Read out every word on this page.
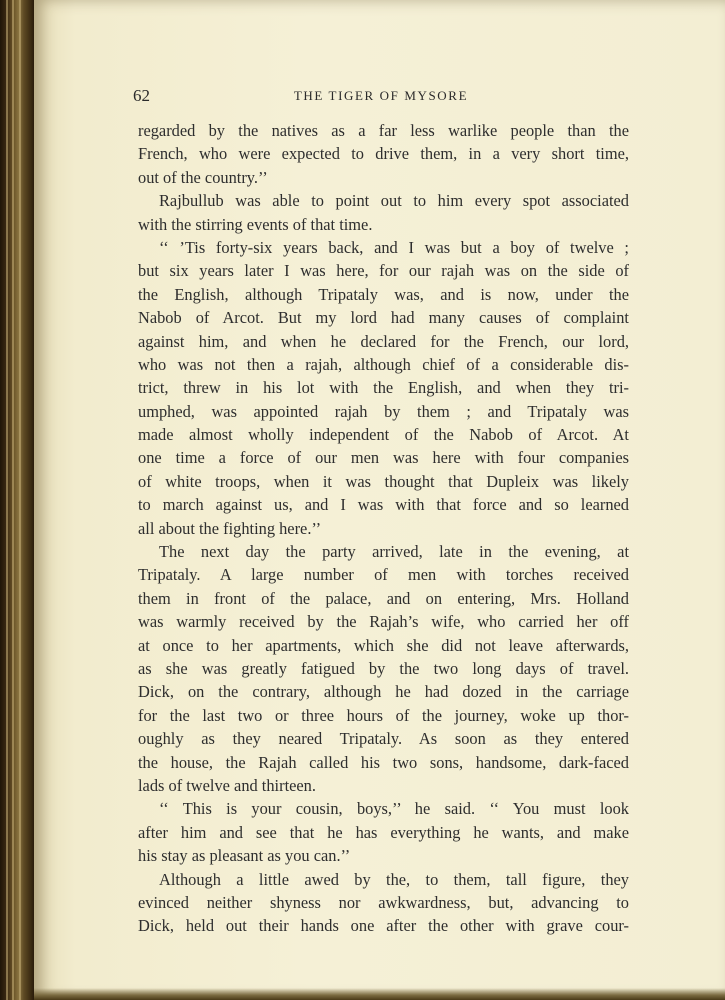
62	THE TIGER OF MYSORE
regarded by the natives as a far less warlike people than the
French, who were expected to drive them, in a very short time,
out of the country.’’
Rajbullub was able to point out to him every spot associated
with the stirring events of that time.
‘‘ ’Tis forty-six years back, and I was but a boy of twelve ;
but six years later I was here, for our rajah was on the side of
the English, although Tripataly was, and is now, under the
Nabob of Arcot. But my lord had many causes of complaint
against him, and when he declared for the French, our lord,
who was not then a rajah, although chief of a considerable dis-
trict, threw in his lot with the English, and when they tri-
umphed, was appointed rajah by them ; and Tripataly was
made almost wholly independent of the Nabob of Arcot. At
one time a force of our men was here with four companies
of white troops, when it was thought that Dupleix was likely
to march against us, and I was with that force and so learned
all about the fighting here.’’
The next day the party arrived, late in the evening, at
Tripataly. A large number of men with torches received
them in front of the palace, and on entering, Mrs. Holland
was warmly received by the Rajah’s wife, who carried her off
at once to her apartments, which she did not leave afterwards,
as she was greatly fatigued by the two long days of travel.
Dick, on the contrary, although he had dozed in the carriage
for the last two or three hours of the journey, woke up thor-
oughly as they neared Tripataly. As soon as they entered
the house, the Rajah called his two sons, handsome, dark-faced
lads of twelve and thirteen.
‘‘ This is your cousin, boys,’’ he said. ‘‘ You must look
after him and see that he has everything he wants, and make
his stay as pleasant as you can.’’
Although a little awed by the, to them, tall figure, they
evinced neither shyness nor awkwardness, but, advancing to
Dick, held out their hands one after the other with grave cour-
